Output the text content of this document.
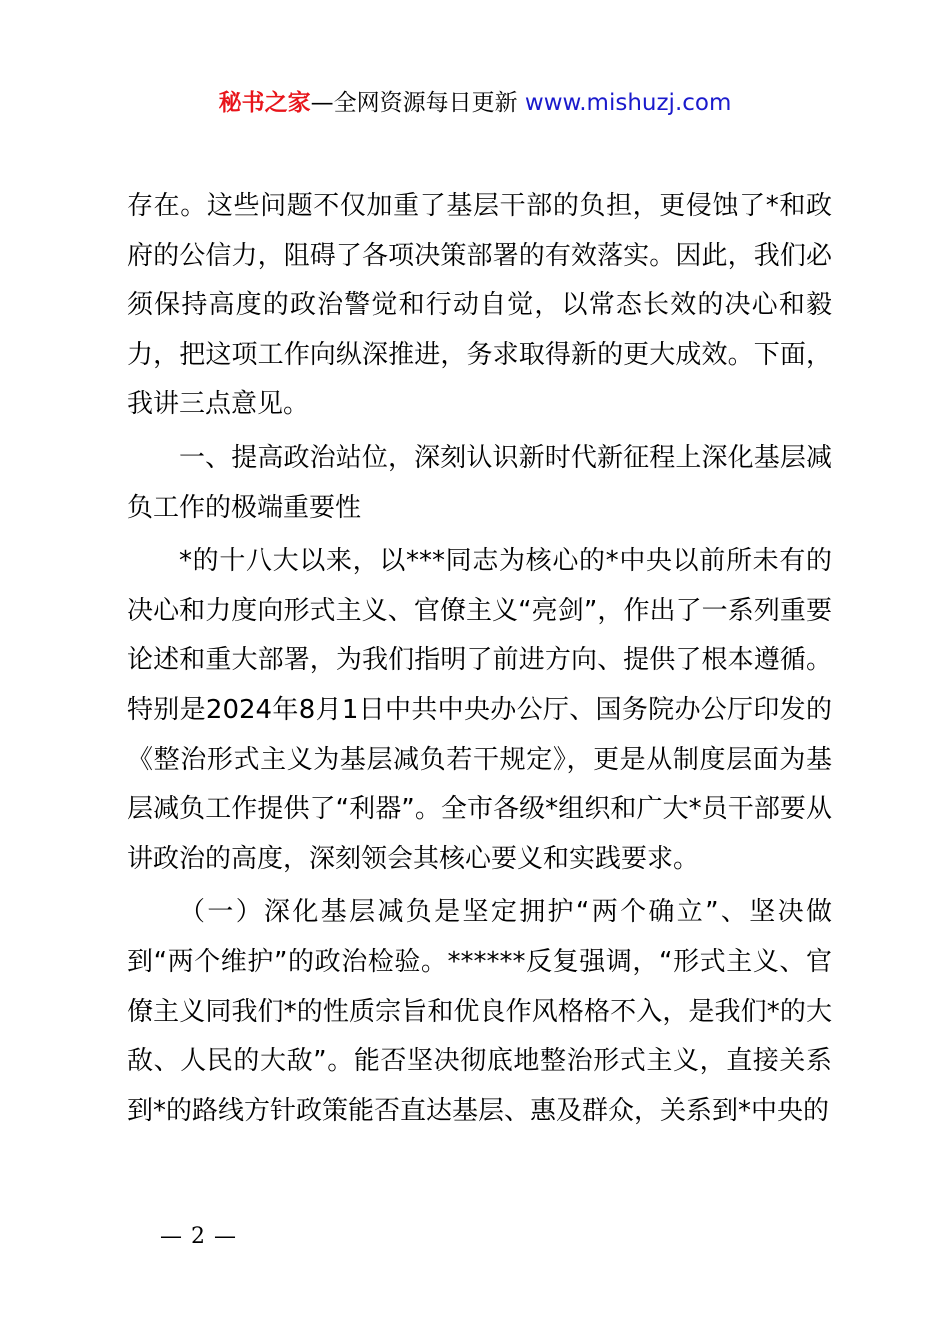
秘书之家—全网资源每日更新 www.mishuzj.com

存在。这些问题不仅加重了基层干部的负担，更侵蚀了*和政府的公信力，阻碍了各项决策部署的有效落实。因此，我们必须保持高度的政治警觉和行动自觉，以常态长效的决心和毅力，把这项工作向纵深推进，务求取得新的更大成效。下面，我讲三点意见。

一、提高政治站位，深刻认识新时代新征程上深化基层减负工作的极端重要性

*的十八大以来，以***同志为核心的*中央以前所未有的决心和力度向形式主义、官僚主义“亮剑”，作出了一系列重要论述和重大部署，为我们指明了前进方向、提供了根本遵循。特别是2024年8月1日中共中央办公厅、国务院办公厅印发的《整治形式主义为基层减负若干规定》，更是从制度层面为基层减负工作提供了“利器”。全市各级*组织和广大*员干部要从讲政治的高度，深刻领会其核心要义和实践要求。

（一）深化基层减负是坚定拥护“两个确立”、坚决做到“两个维护”的政治检验。******反复强调，“形式主义、官僚主义同我们*的性质宗旨和优良作风格格不入，是我们*的大敌、人民的大敌”。能否坚决彻底地整治形式主义，直接关系到*的路线方针政策能否直达基层、惠及群众，关系到*中央的

— 2 —
